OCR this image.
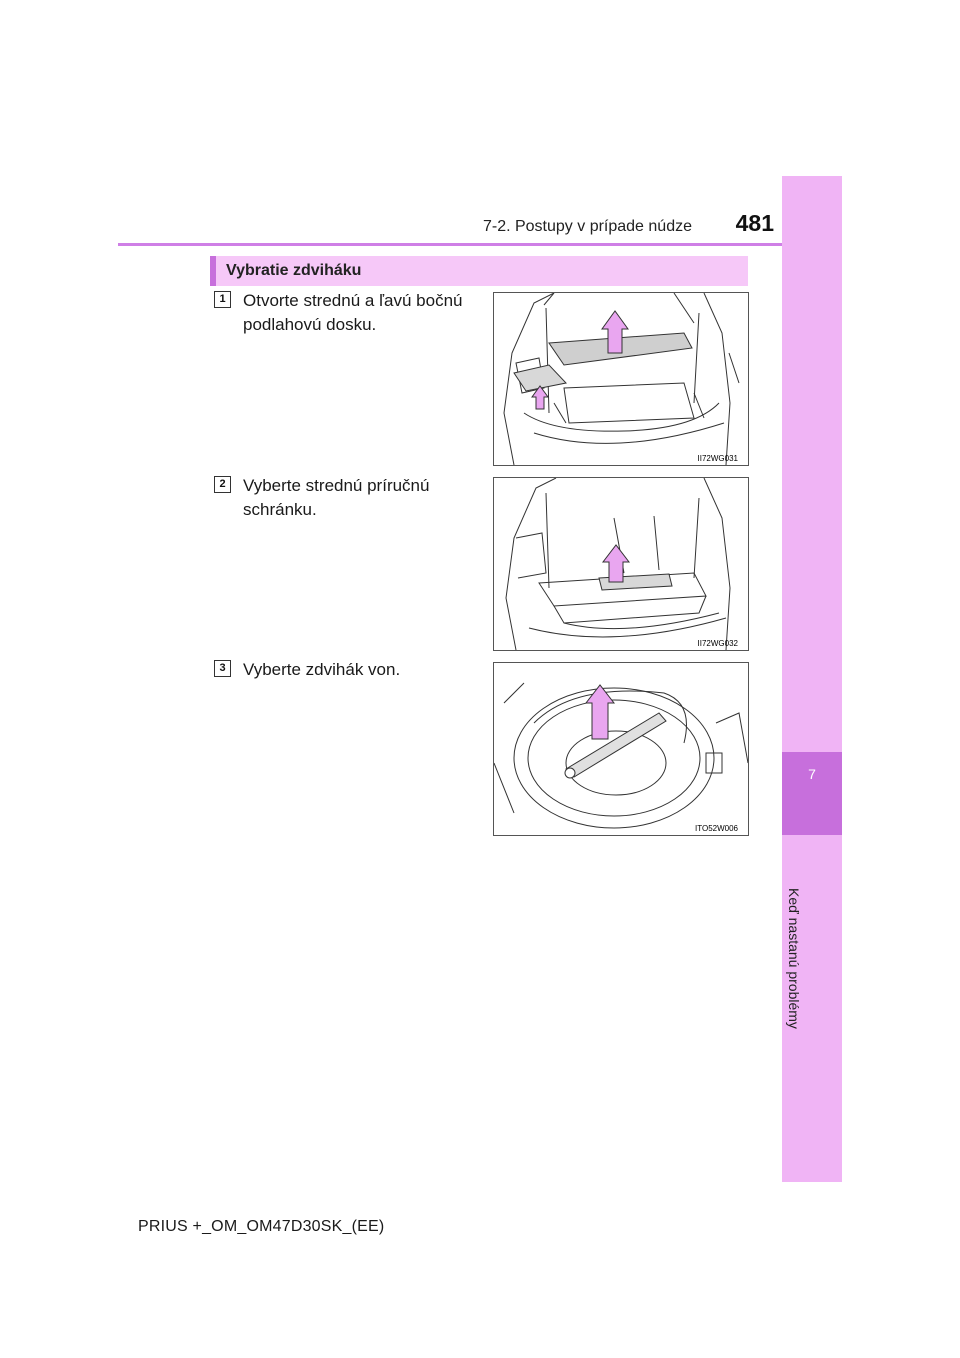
7-2. Postupy v prípade núdze	481
7
Keď nastanú problémy
Vybratie zdviháku
1	Otvorte strednú a ľavú bočnú podlahovú dosku.
II72WG031
2	Vyberte strednú príručnú schránku.
II72WG032
3	Vyberte zdvihák von.
ITO52W006
PRIUS +_OM_OM47D30SK_(EE)
